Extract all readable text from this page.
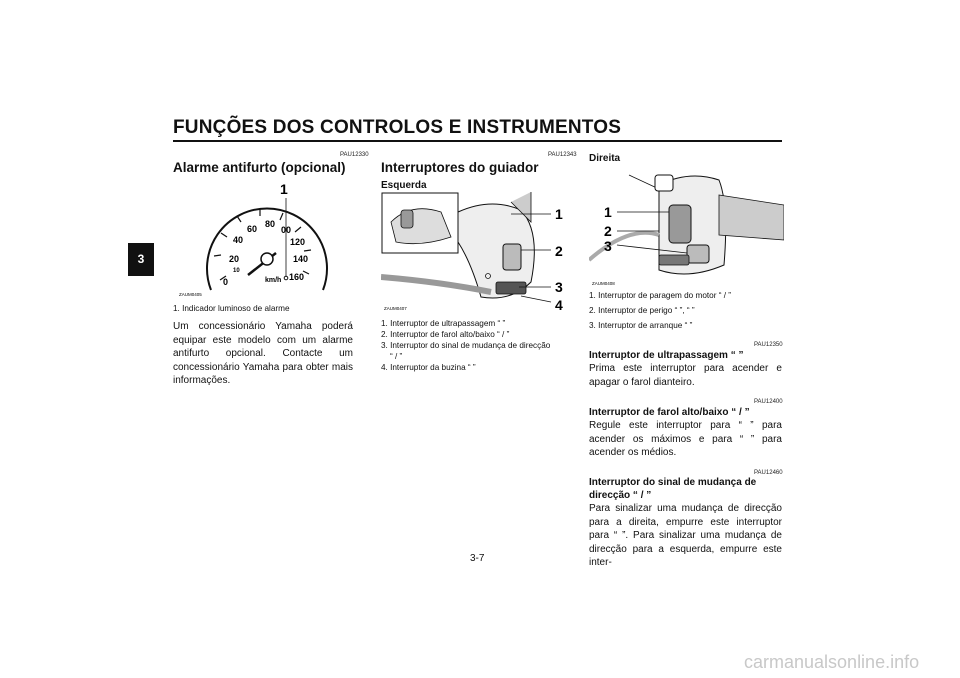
FUNÇÕES DOS CONTROLOS E INSTRUMENTOS
3
PAU12330
Alarme antifurto (opcional)
0
10
20
40
60 80
00
120
140
160
km/h
1
ZAUM0405
1. Indicador luminoso de alarme
Um concessionário Yamaha poderá equipar este modelo com um alarme antifurto opcional. Contacte um concessionário Yamaha para obter mais informações.
PAU12343
Interruptores do guiador
Esquerda
1
2
3
4
ZAUM0407
1. Interruptor de ultrapassagem “ ”
2. Interruptor de farol alto/baixo “ / ”
3. Interruptor do sinal de mudança de direcção
“ / ”
4. Interruptor da buzina “ ”
Direita
1
2
3
ZAUM0408
1. Interruptor de paragem do motor “ / ”
2. Interruptor de perigo “ ”, “ ”
3. Interruptor de arranque “ ”
PAU12350
Interruptor de ultrapassagem “ ”
Prima este interruptor para acender e apagar o farol dianteiro.
PAU12400
Interruptor de farol alto/baixo “ / ”
Regule este interruptor para “ ” para acender os máximos e para “ ” para acender os médios.
PAU12460
Interruptor do sinal de mudança de
direcção “ / ”
Para sinalizar uma mudança de direcção para a direita, empurre este interruptor para “ ”. Para sinalizar uma mudança de direcção para a esquerda, empurre este inter-
3-7
carmanualsonline.info
